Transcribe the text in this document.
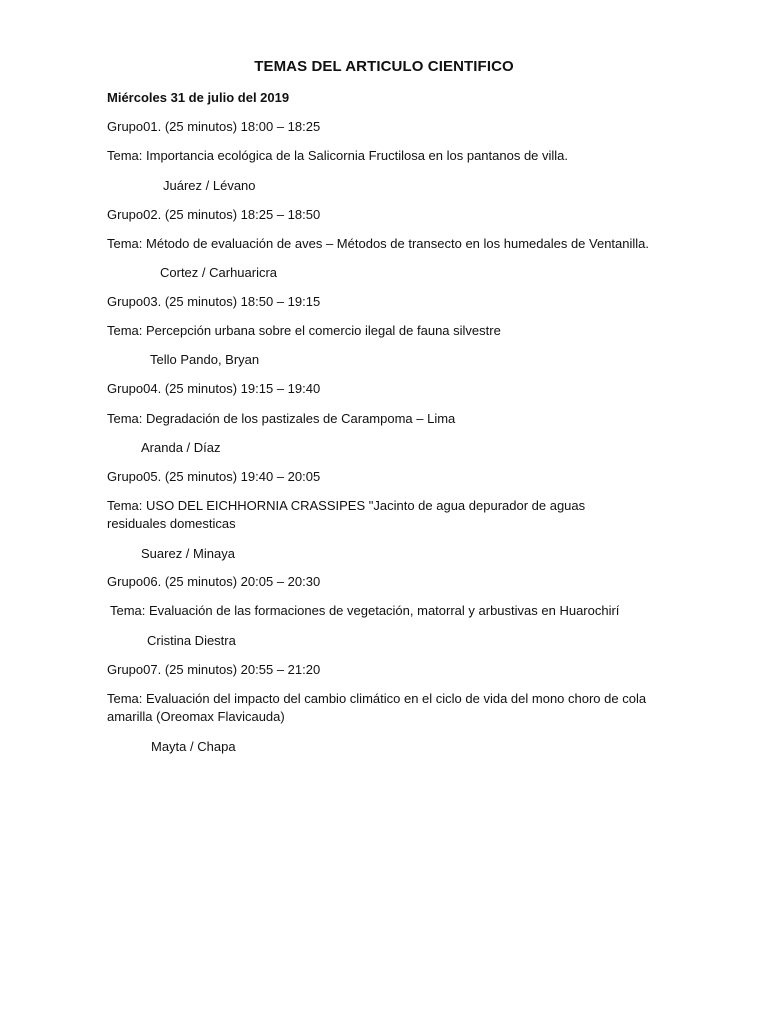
TEMAS DEL ARTICULO CIENTIFICO
Miércoles 31 de julio del 2019
Grupo01. (25 minutos) 18:00 – 18:25
Tema: Importancia ecológica de la Salicornia Fructilosa en los pantanos de villa.
Juárez / Lévano
Grupo02. (25 minutos) 18:25 – 18:50
Tema: Método de evaluación de aves – Métodos de transecto en los humedales de Ventanilla.
Cortez / Carhuaricra
Grupo03. (25 minutos) 18:50 – 19:15
Tema: Percepción urbana sobre el comercio ilegal de fauna silvestre
Tello Pando, Bryan
Grupo04. (25 minutos) 19:15 – 19:40
Tema: Degradación de los pastizales de Carampoma – Lima
Aranda / Díaz
Grupo05. (25 minutos) 19:40 – 20:05
Tema: USO DEL EICHHORNIA CRASSIPES "Jacinto de agua depurador de aguas residuales domesticas
Suarez / Minaya
Grupo06. (25 minutos) 20:05 – 20:30
Tema: Evaluación de las formaciones de vegetación, matorral y arbustivas en Huarochirí
Cristina Diestra
Grupo07. (25 minutos) 20:55 – 21:20
Tema: Evaluación del impacto del cambio climático en el ciclo de vida del mono choro de cola amarilla (Oreomax Flavicauda)
Mayta / Chapa
